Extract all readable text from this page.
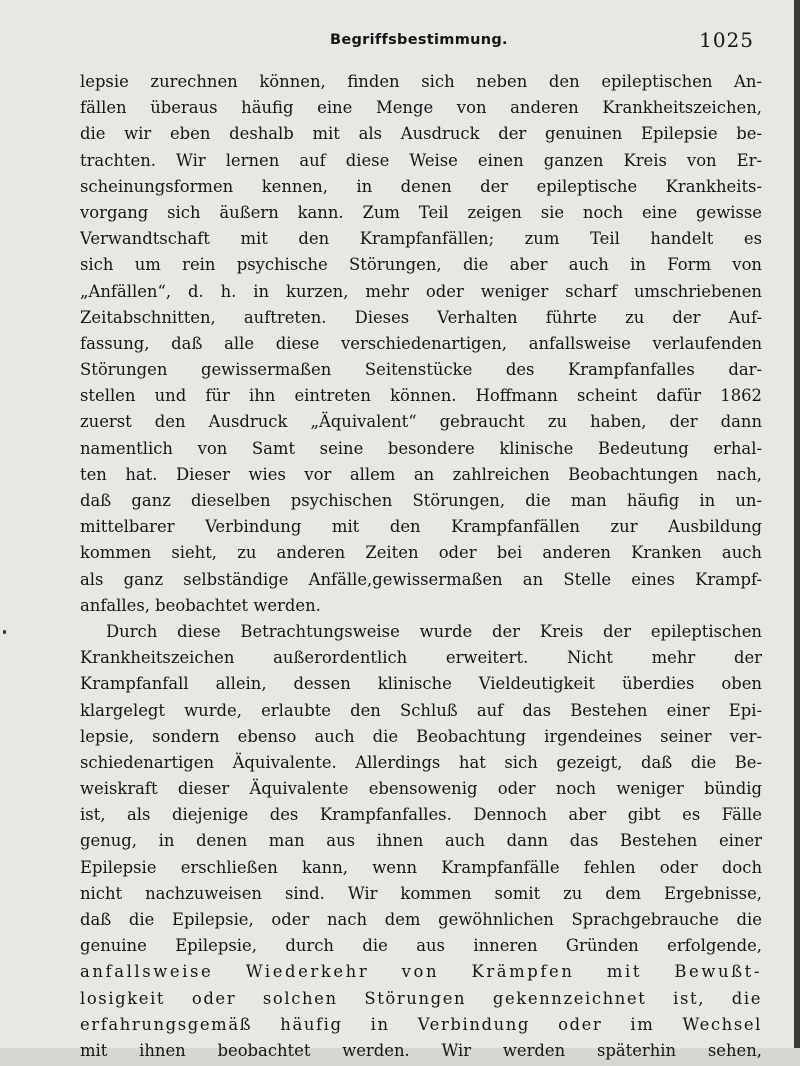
Begriffsbestimmung.	1025
lepsie zurechnen können, finden sich neben den epileptischen An-
fällen überaus häufig eine Menge von anderen Krankheitszeichen,
die wir eben deshalb mit als Ausdruck der genuinen Epilepsie be-
trachten. Wir lernen auf diese Weise einen ganzen Kreis von Er-
scheinungsformen kennen, in denen der epileptische Krankheits-
vorgang sich äußern kann. Zum Teil zeigen sie noch eine gewisse
Verwandtschaft mit den Krampfanfällen; zum Teil handelt es
sich um rein psychische Störungen, die aber auch in Form von
„Anfällen“, d. h. in kurzen, mehr oder weniger scharf umschriebenen
Zeitabschnitten, auftreten. Dieses Verhalten führte zu der Auf-
fassung, daß alle diese verschiedenartigen, anfallsweise verlaufenden
Störungen gewissermaßen Seitenstücke des Krampfanfalles dar-
stellen und für ihn eintreten können. Hoffmann scheint dafür 1862
zuerst den Ausdruck „Äquivalent“ gebraucht zu haben, der dann
namentlich von Samt seine besondere klinische Bedeutung erhal-
ten hat. Dieser wies vor allem an zahlreichen Beobachtungen nach,
daß ganz dieselben psychischen Störungen, die man häufig in un-
mittelbarer Verbindung mit den Krampfanfällen zur Ausbildung
kommen sieht, zu anderen Zeiten oder bei anderen Kranken auch
als ganz selbständige Anfälle,gewissermaßen an Stelle eines Krampf-
anfalles, beobachtet werden.
Durch diese Betrachtungsweise wurde der Kreis der epileptischen
Krankheitszeichen außerordentlich erweitert. Nicht mehr der
Krampfanfall allein, dessen klinische Vieldeutigkeit überdies oben
klargelegt wurde, erlaubte den Schluß auf das Bestehen einer Epi-
lepsie, sondern ebenso auch die Beobachtung irgendeines seiner ver-
schiedenartigen Äquivalente. Allerdings hat sich gezeigt, daß die Be-
weiskraft dieser Äquivalente ebensowenig oder noch weniger bündig
ist, als diejenige des Krampfanfalles. Dennoch aber gibt es Fälle
genug, in denen man aus ihnen auch dann das Bestehen einer
Epilepsie erschließen kann, wenn Krampfanfälle fehlen oder doch
nicht nachzuweisen sind. Wir kommen somit zu dem Ergebnisse,
daß die Epilepsie, oder nach dem gewöhnlichen Sprachgebrauche die
genuine Epilepsie, durch die aus inneren Gründen erfolgende,
anfallsweise Wiederkehr von Krämpfen mit Bewußt-
losigkeit oder solchen Störungen gekennzeichnet ist, die
erfahrungsgemäß häufig in Verbindung oder im Wechsel
mit ihnen beobachtet werden. Wir werden späterhin sehen,
